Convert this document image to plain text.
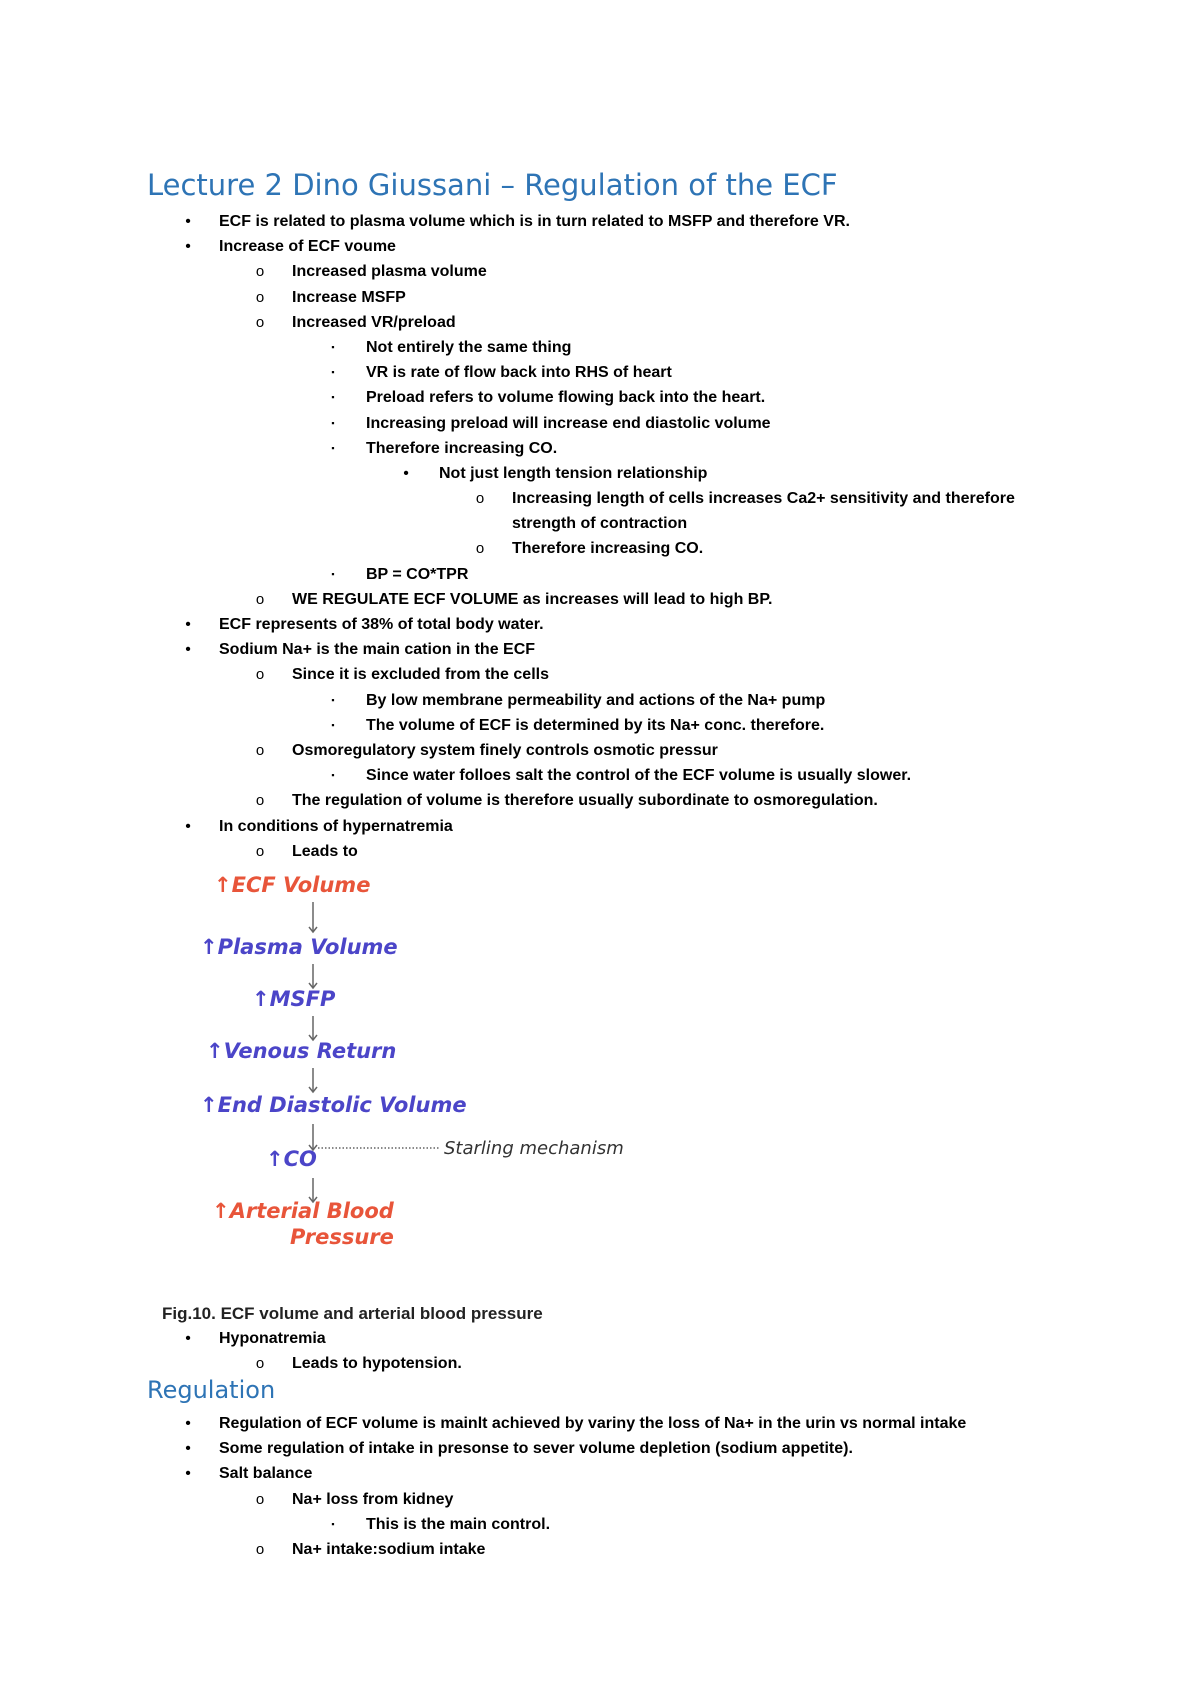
Lecture 2 Dino Giussani – Regulation of the ECF
•	ECF is related to plasma volume which is in turn related to MSFP and therefore VR.
•	Increase of ECF voume
o	Increased plasma volume
o	Increase MSFP
o	Increased VR/preload
▪	Not entirely the same thing
▪	VR is rate of flow back into RHS of heart
▪	Preload refers to volume flowing back into the heart.
▪	Increasing preload will increase end diastolic volume
▪	Therefore increasing CO.
•	Not just length tension relationship
o	Increasing length of cells increases Ca2+ sensitivity and therefore strength of contraction
o	Therefore increasing CO.
▪	BP = CO*TPR
o	WE REGULATE ECF VOLUME as increases will lead to high BP.
•	ECF represents of 38% of total body water.
•	Sodium Na+ is the main cation in the ECF
o	Since it is excluded from the cells
▪	By low membrane permeability and actions of the Na+ pump
▪	The volume of ECF is determined by its Na+ conc. therefore.
o	Osmoregulatory system finely controls osmotic pressur
▪	Since water folloes salt the control of the ECF volume is usually slower.
o	The regulation of volume is therefore usually subordinate to osmoregulation.
•	In conditions of hypernatremia
o	Leads to
↑ECF Volume
↑Plasma Volume
↑MSFP
↑Venous Return
↑End Diastolic Volume
↑CO
↑Arterial Blood
Pressure
Starling mechanism
Fig.10. ECF volume and arterial blood pressure
•	Hyponatremia
o	Leads to hypotension.
Regulation
•	Regulation of ECF volume is mainlt achieved by variny the loss of Na+ in the urin vs normal intake
•	Some regulation of intake in presonse to sever volume depletion (sodium appetite).
•	Salt balance
o	Na+ loss from kidney
▪	This is the main control.
o	Na+ intake:sodium intake
